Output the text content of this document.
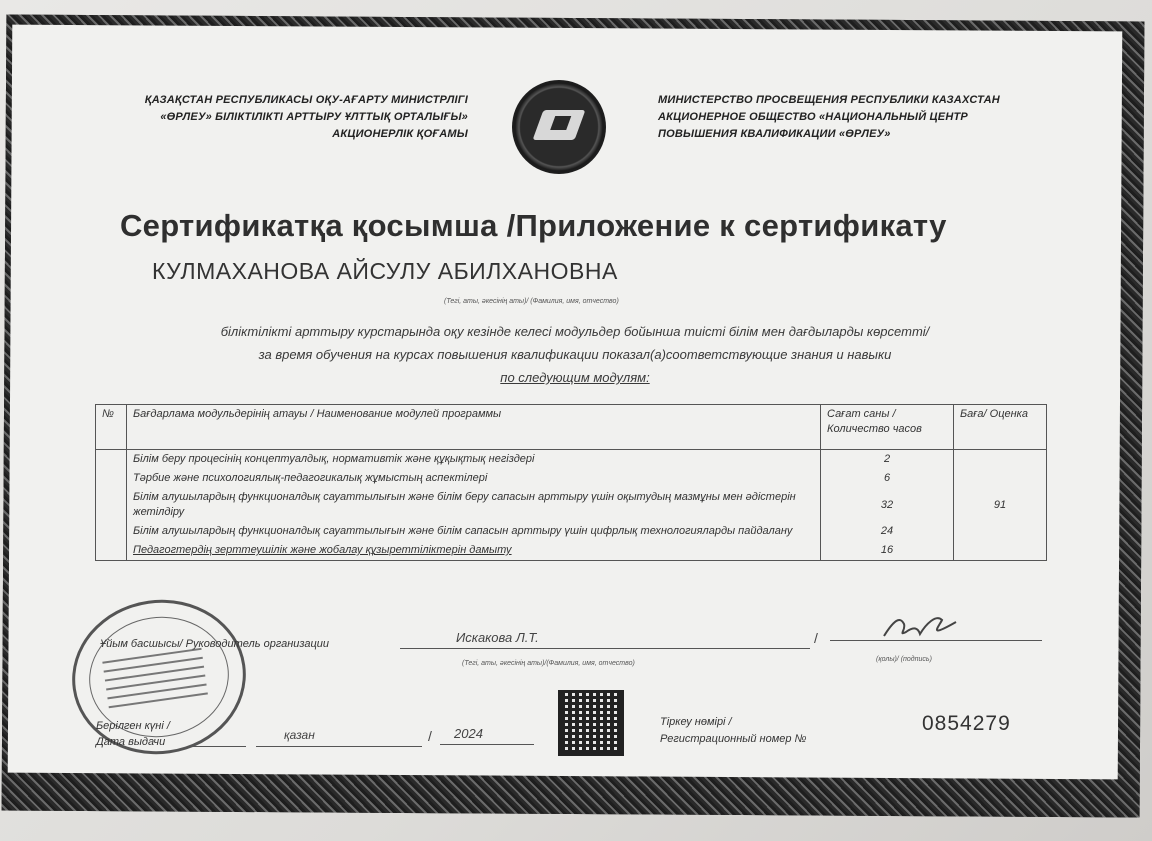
ҚАЗАҚСТАН РЕСПУБЛИКАСЫ ОҚУ-АҒАРТУ МИНИСТРЛІГІ
«ӨРЛЕУ» БІЛІКТІЛІКТІ АРТТЫРУ ҰЛТТЫҚ ОРТАЛЫҒЫ»
АКЦИОНЕРЛІК ҚОҒАМЫ
МИНИСТЕРСТВО ПРОСВЕЩЕНИЯ РЕСПУБЛИКИ КАЗАХСТАН
АКЦИОНЕРНОЕ ОБЩЕСТВО «НАЦИОНАЛЬНЫЙ ЦЕНТР
ПОВЫШЕНИЯ КВАЛИФИКАЦИИ «ӨРЛЕУ»
Сертификатқа қосымша /Приложение к сертификату
КУЛМАХАНОВА АЙСУЛУ АБИЛХАНОВНА
(Тегі, аты, әкесінің аты)/ (Фамилия, имя, отчество)
біліктілікті арттыру курстарында оқу кезінде келесі модульдер бойынша тиісті білім мен дағдыларды көрсетті/
за время обучения на курсах повышения квалификации показал(а)соответствующие знания и навыки
по следующим модулям:
№	Бағдарлама модульдерінің атауы / Наименование модулей программы	Сағат саны / Количество часов	Баға/ Оценка
	Білім беру процесінің концептуалдық, нормативтік және құқықтық негіздері	2	
	Тәрбие және психологиялық-педагогикалық жұмыстың аспектілері	6	
	Білім алушылардың функционалдық сауаттылығын және білім беру сапасын арттыру үшін оқытудың мазмұны мен әдістерін жетілдіру	32	91
	Білім алушылардың функционалдық сауаттылығын және білім сапасын арттыру үшін цифрлық технологияларды пайдалану	24	
	Педагогтердің зерттеушілік және жобалау құзыреттіліктерін дамыту	16	
Ұйым басшысы/ Руководитель организации	Искакова Л.Т.	/
(Тегі, аты, әкесінің аты)/(Фамилия, имя, отчество)
(қолы)/ (подпись)
Берілген күні /
Дата выдачи	қазан	/ 2024
Тіркеу нөмірі /
Регистрационный номер №
0854279
